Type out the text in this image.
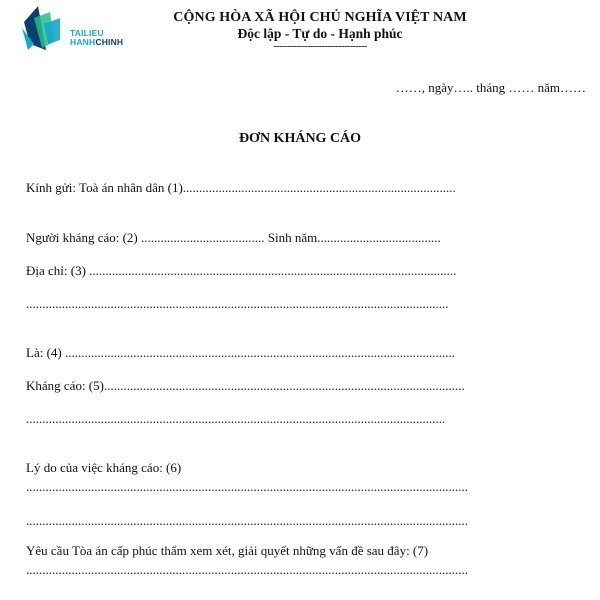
TAILIEU
HANHCHINH
CỘNG HÒA XÃ HỘI CHỦ NGHĨA VIỆT NAM
Độc lập - Tự do - Hạnh phúc
---------------------------------
……, ngày….. tháng …… năm……
ĐƠN KHÁNG CÁO
Kính gửi: Toà án nhân dân (1)....................................................................................
Người kháng cáo: (2) ...................................... Sinh năm......................................
Địa chỉ: (3) .................................................................................................................
..................................................................................................................................
Là: (4) ........................................................................................................................
Kháng cáo: (5)...............................................................................................................
.................................................................................................................................
Lý do của việc kháng cáo: (6)
........................................................................................................................................
........................................................................................................................................
Yêu cầu Tòa án cấp phúc thẩm xem xét, giải quyết những vấn đề sau đây: (7)
........................................................................................................................................
